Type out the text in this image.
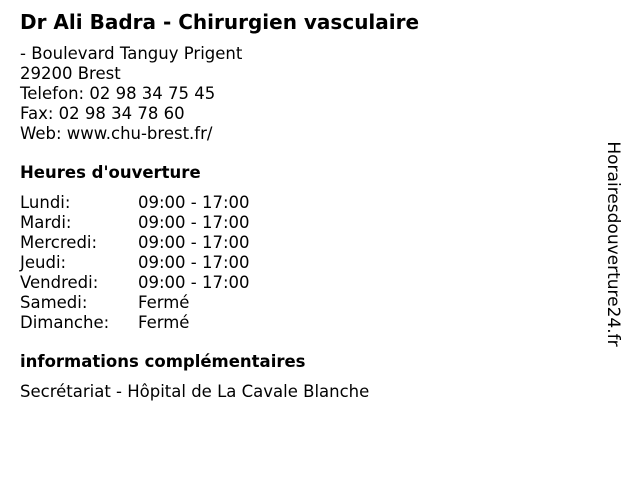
Dr Ali Badra - Chirurgien vasculaire
- Boulevard Tanguy Prigent
29200 Brest
Telefon: 02 98 34 75 45
Fax: 02 98 34 78 60
Web: www.chu-brest.fr/
Heures d'ouverture
Lundi:	09:00 - 17:00
Mardi:	09:00 - 17:00
Mercredi:	09:00 - 17:00
Jeudi:	09:00 - 17:00
Vendredi:	09:00 - 17:00
Samedi:	Fermé
Dimanche:	Fermé
informations complémentaires
Secrétariat - Hôpital de La Cavale Blanche
Horairesdouverture24.fr
